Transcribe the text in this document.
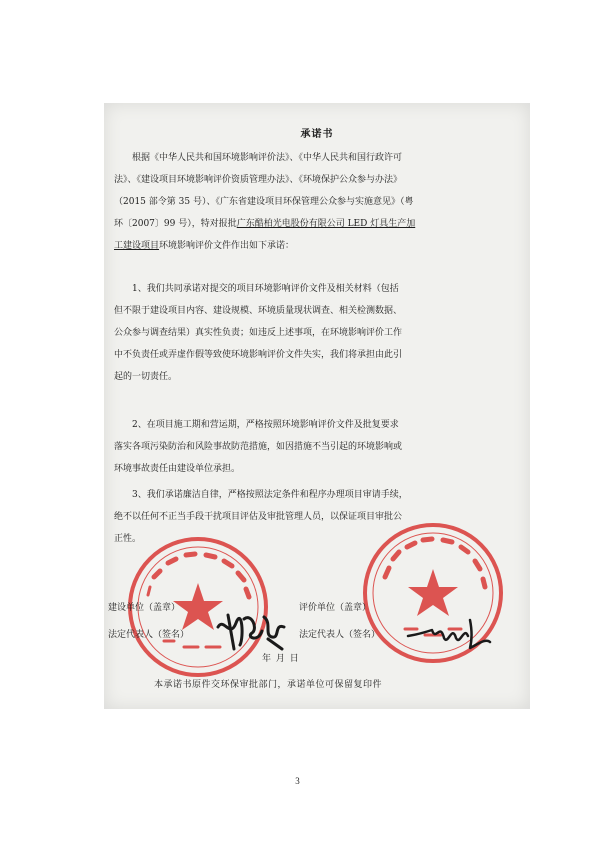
承诺书
根据《中华人民共和国环境影响评价法》、《中华人民共和国行政许可
法》、《建设项目环境影响评价资质管理办法》、《环境保护公众参与办法》
（2015 部令第 35 号）、《广东省建设项目环保管理公众参与实施意见》（粤
环〔2007〕99 号），特对报批广东酷柏光电股份有限公司 LED 灯具生产加
工建设项目环境影响评价文件作出如下承诺：
1、我们共同承诺对提交的项目环境影响评价文件及相关材料（包括
但不限于建设项目内容、建设规模、环境质量现状调查、相关检测数据、
公众参与调查结果）真实性负责；如违反上述事项，在环境影响评价工作
中不负责任或弄虚作假等致使环境影响评价文件失实，我们将承担由此引
起的一切责任。
2、在项目施工期和营运期，严格按照环境影响评价文件及批复要求
落实各项污染防治和风险事故防范措施，如因措施不当引起的环境影响或
环境事故责任由建设单位承担。
3、我们承诺廉洁自律，严格按照法定条件和程序办理项目审请手续，
绝不以任何不正当手段干扰项目评估及审批管理人员，以保证项目审批公
正性。
建设单位（盖章）	评价单位（盖章）
法定代表人（签名）	法定代表人（签名）
年 月 日
本承诺书原件交环保审批部门，承诺单位可保留复印件
3
